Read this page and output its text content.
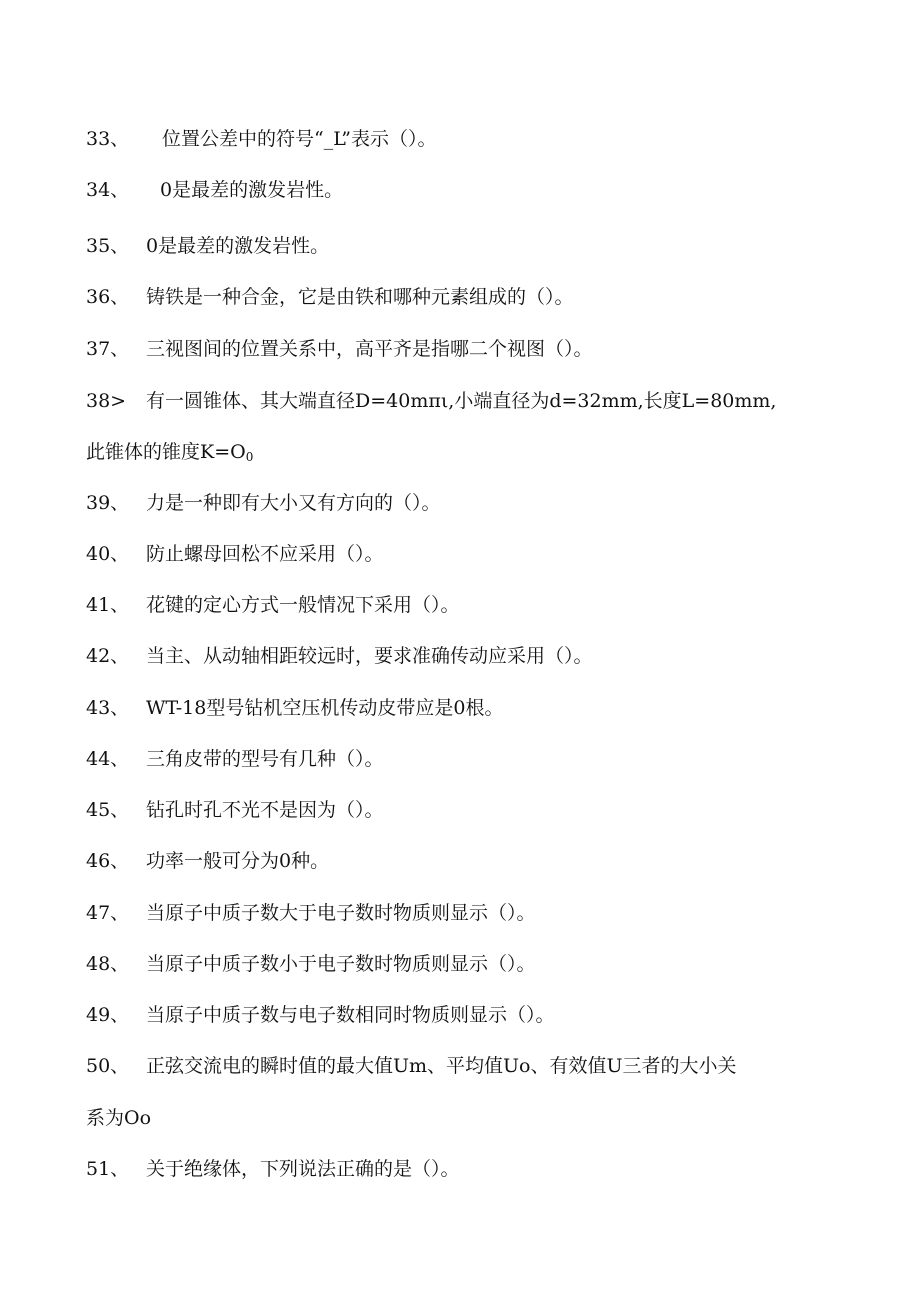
33、 位置公差中的符号“_L”表示（）。
34、 0是最差的激发岩性。
35、 0是最差的激发岩性。
36、 铸铁是一种合金，它是由铁和哪种元素组成的（）。
37、 三视图间的位置关系中，高平齐是指哪二个视图（）。
38> 有一圆锥体、其大端直径D=40mπι,小端直径为d=32mm,长度L=80mm,
此锥体的锥度$K=O_0$
39、 力是一种即有大小又有方向的（）。
40、 防止螺母回松不应采用（）。
41、 花键的定心方式一般情况下采用（）。
42、 当主、从动轴相距较远时，要求准确传动应采用（）。
43、 WT-18型号钻机空压机传动皮带应是0根。
44、 三角皮带的型号有几种（）。
45、 钻孔时孔不光不是因为（）。
46、 功率一般可分为0种。
47、 当原子中质子数大于电子数时物质则显示（）。
48、 当原子中质子数小于电子数时物质则显示（）。
49、 当原子中质子数与电子数相同时物质则显示（）。
50、 正弦交流电的瞬时值的最大值Um、平均值Uo、有效值U三者的大小关
系为Oo
51、 关于绝缘体，下列说法正确的是（）。
